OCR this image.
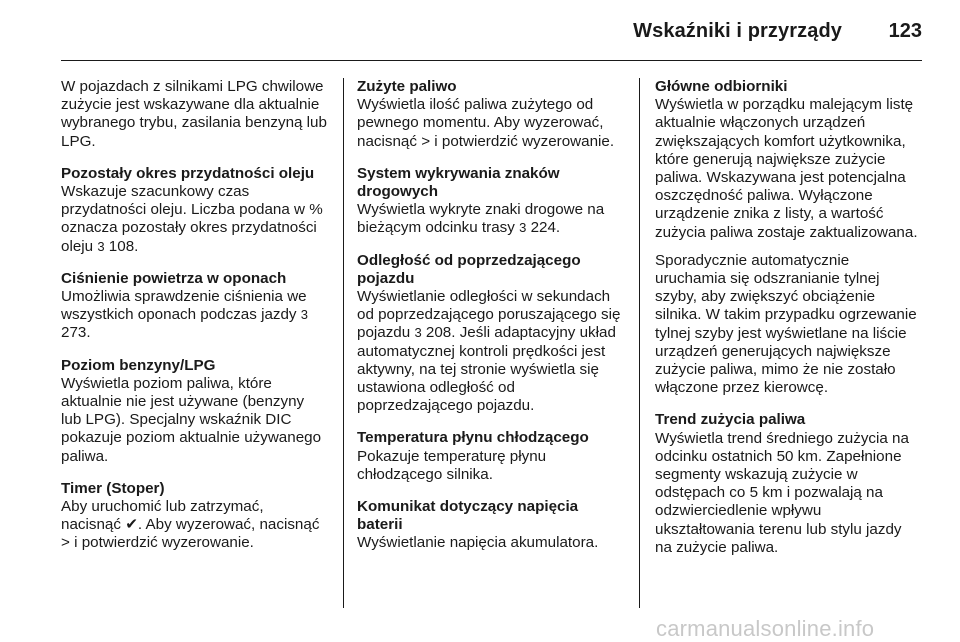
Wskaźniki i przyrządy 123
W pojazdach z silnikami LPG chwilowe zużycie jest wskazywane dla aktualnie wybranego trybu, zasilania benzyną lub LPG.
Pozostały okres przydatności oleju
Wskazuje szacunkowy czas przydatności oleju. Liczba podana w % oznacza pozostały okres przydatności oleju 3 108.
Ciśnienie powietrza w oponach
Umożliwia sprawdzenie ciśnienia we wszystkich oponach podczas jazdy 3 273.
Poziom benzyny/LPG
Wyświetla poziom paliwa, które aktualnie nie jest używane (benzyny lub LPG). Specjalny wskaźnik DIC pokazuje poziom aktualnie używanego paliwa.
Timer (Stoper)
Aby uruchomić lub zatrzymać, nacisnąć ✔. Aby wyzerować, nacisnąć > i potwierdzić wyzerowanie.
Zużyte paliwo
Wyświetla ilość paliwa zużytego od pewnego momentu. Aby wyzerować, nacisnąć > i potwierdzić wyzerowanie.
System wykrywania znaków drogowych
Wyświetla wykryte znaki drogowe na bieżącym odcinku trasy 3 224.
Odległość od poprzedzającego pojazdu
Wyświetlanie odległości w sekundach od poprzedzającego poruszającego się pojazdu 3 208. Jeśli adaptacyjny układ automatycznej kontroli prędkości jest aktywny, na tej stronie wyświetla się ustawiona odległość od poprzedzającego pojazdu.
Temperatura płynu chłodzącego
Pokazuje temperaturę płynu chłodzącego silnika.
Komunikat dotyczący napięcia baterii
Wyświetlanie napięcia akumulatora.
Główne odbiorniki
Wyświetla w porządku malejącym listę aktualnie włączonych urządzeń zwiększających komfort użytkownika, które generują największe zużycie paliwa. Wskazywana jest potencjalna oszczędność paliwa. Wyłączone urządzenie znika z listy, a wartość zużycia paliwa zostaje zaktualizowana.
Sporadycznie automatycznie uruchamia się odszranianie tylnej szyby, aby zwiększyć obciążenie silnika. W takim przypadku ogrzewanie tylnej szyby jest wyświetlane na liście urządzeń generujących największe zużycie paliwa, mimo że nie zostało włączone przez kierowcę.
Trend zużycia paliwa
Wyświetla trend średniego zużycia na odcinku ostatnich 50 km. Zapełnione segmenty wskazują zużycie w odstępach co 5 km i pozwalają na odzwierciedlenie wpływu ukształtowania terenu lub stylu jazdy na zużycie paliwa.
carmanualsonline.info
